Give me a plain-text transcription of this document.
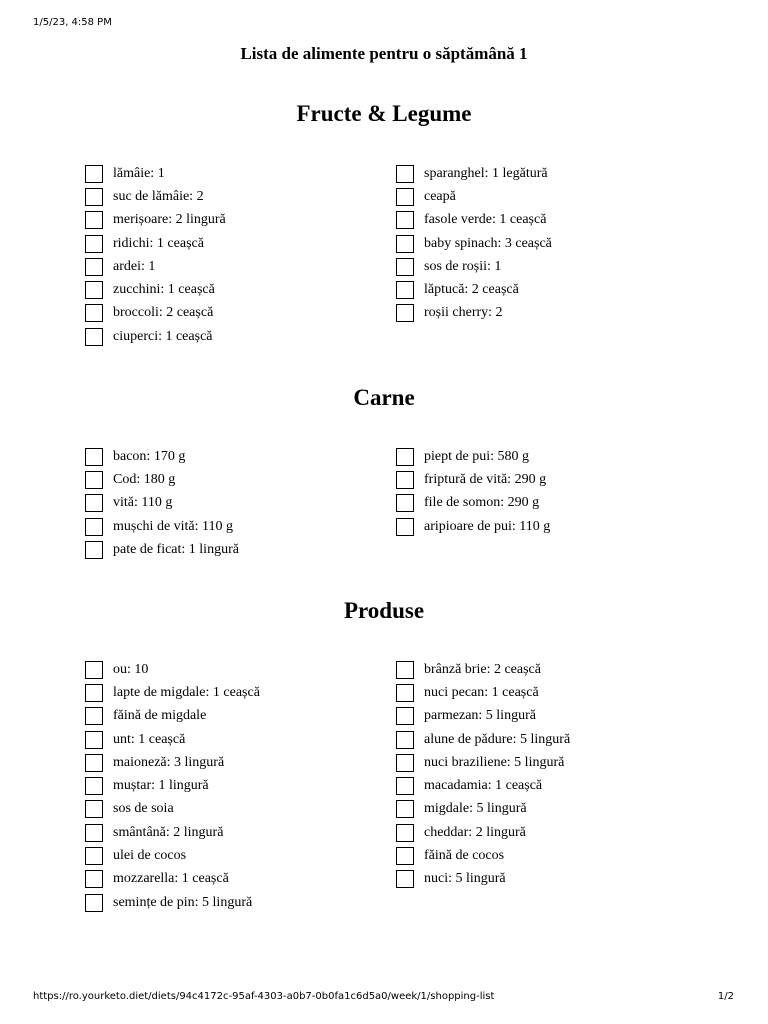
1/5/23, 4:58 PM
Lista de alimente pentru o săptămână 1
Fructe & Legume
lămâie: 1
suc de lămâie: 2
merișoare: 2 lingură
ridichi: 1 ceașcă
ardei: 1
zucchini: 1 ceașcă
broccoli: 2 ceașcă
ciuperci: 1 ceașcă
sparanghel: 1 legătură
ceapă
fasole verde: 1 ceașcă
baby spinach: 3 ceașcă
sos de roșii: 1
lăptucă: 2 ceașcă
roșii cherry: 2
Carne
bacon: 170 g
Cod: 180 g
vită: 110 g
mușchi de vită: 110 g
pate de ficat: 1 lingură
piept de pui: 580 g
friptură de vită: 290 g
file de somon: 290 g
aripioare de pui: 110 g
Produse
ou: 10
lapte de migdale: 1 ceașcă
făină de migdale
unt: 1 ceașcă
maioneză: 3 lingură
muștar: 1 lingură
sos de soia
smântână: 2 lingură
ulei de cocos
mozzarella: 1 ceașcă
semințe de pin: 5 lingură
brânză brie: 2 ceașcă
nuci pecan: 1 ceașcă
parmezan: 5 lingură
alune de pădure: 5 lingură
nuci braziliene: 5 lingură
macadamia: 1 ceașcă
migdale: 5 lingură
cheddar: 2 lingură
făină de cocos
nuci: 5 lingură
https://ro.yourketo.diet/diets/94c4172c-95af-4303-a0b7-0b0fa1c6d5a0/week/1/shopping-list	1/2
